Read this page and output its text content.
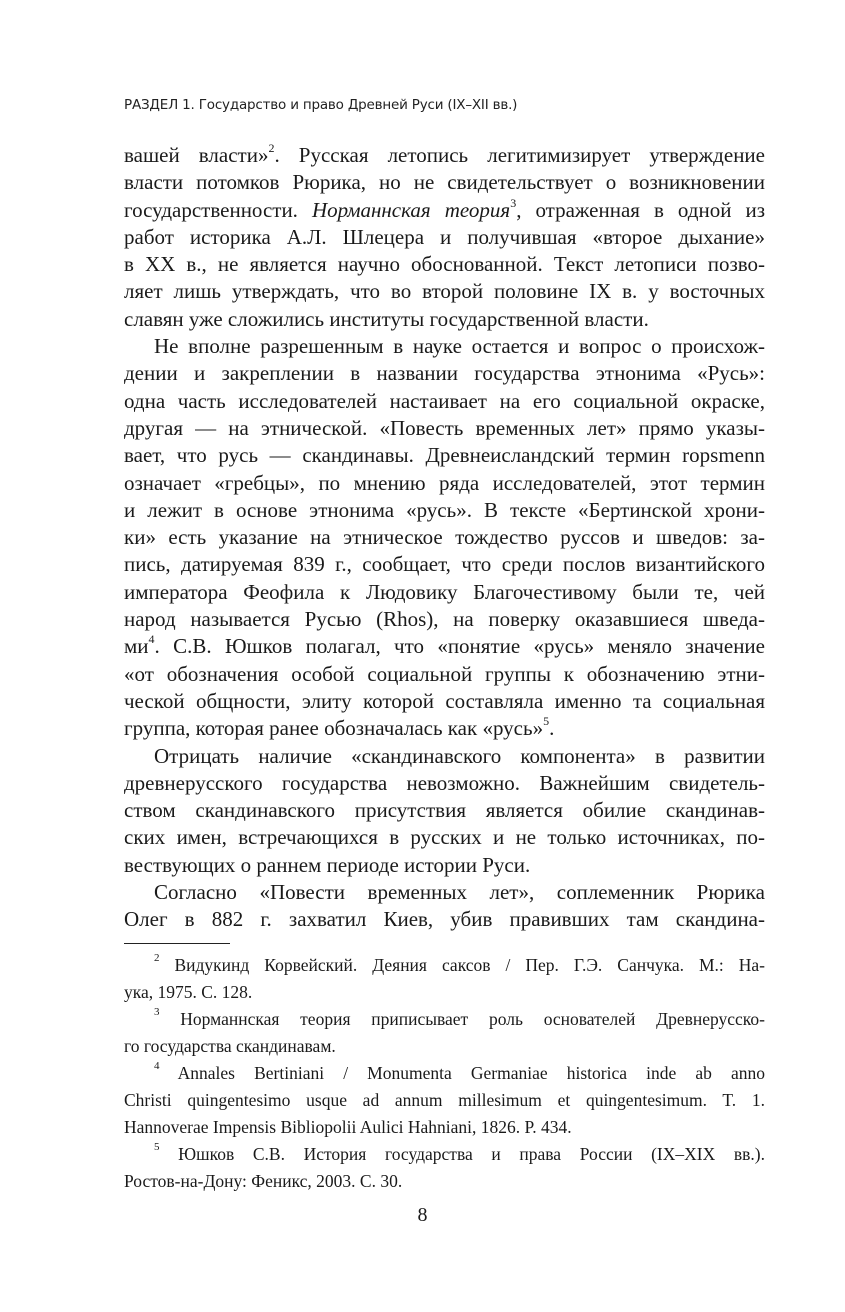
РАЗДЕЛ 1. Государство и право Древней Руси (IX–XII вв.)
вашей власти»$^2$. Русская летопись легитимизирует утверждение
власти потомков Рюрика, но не свидетельствует о возникновении
государственности. Норманнская теория$^3$, отраженная в одной из
работ историка А.Л. Шлецера и получившая «второе дыхание»
в XX в., не является научно обоснованной. Текст летописи позво-
ляет лишь утверждать, что во второй половине IX в. у восточных
славян уже сложились институты государственной власти.
Не вполне разрешенным в науке остается и вопрос о происхож-
дении и закреплении в названии государства этнонима «Русь»:
одна часть исследователей настаивает на его социальной окраске,
другая — на этнической. «Повесть временных лет» прямо указы-
вает, что русь — скандинавы. Древнеисландский термин ropsmenn
означает «гребцы», по мнению ряда исследователей, этот термин
и лежит в основе этнонима «русь». В тексте «Бертинской хрони-
ки» есть указание на этническое тождество руссов и шведов: за-
пись, датируемая 839 г., сообщает, что среди послов византийского
императора Феофила к Людовику Благочестивому были те, чей
народ называется Русью (Rhos), на поверку оказавшиеся шведа-
$ми^4$. С.В. Юшков полагал, что «понятие «русь» меняло значение
«от обозначения особой социальной группы к обозначению этни-
ческой общности, элиту которой составляла именно та социальная
группа, которая ранее обозначалась как «русь»$^5$.
Отрицать наличие «скандинавского компонента» в развитии
древнерусского государства невозможно. Важнейшим свидетель-
ством скандинавского присутствия является обилие скандинав-
ских имен, встречающихся в русских и не только источниках, по-
вествующих о раннем периоде истории Руси.
Согласно «Повести временных лет», соплеменник Рюрика
Олег в 882 г. захватил Киев, убив правивших там скандина-
$^2$ Видукинд Корвейский. Деяния саксов / Пер. Г.Э. Санчука. М.: На-
ука, 1975. С. 128.
$^3$ Норманнская теория приписывает роль основателей Древнерусско-
го государства скандинавам.
$^4$ Annales Bertiniani / Monumenta Germaniae historica inde ab anno
Christi quingentesimo usque ad annum millesimum et quingentesimum. T. 1.
Hannoverae Impensis Bibliopolii Aulici Hahniani, 1826. P. 434.
$^5$ Юшков С.В. История государства и права России (IX–XIX вв.).
Ростов-на-Дону: Феникс, 2003. С. 30.
8
